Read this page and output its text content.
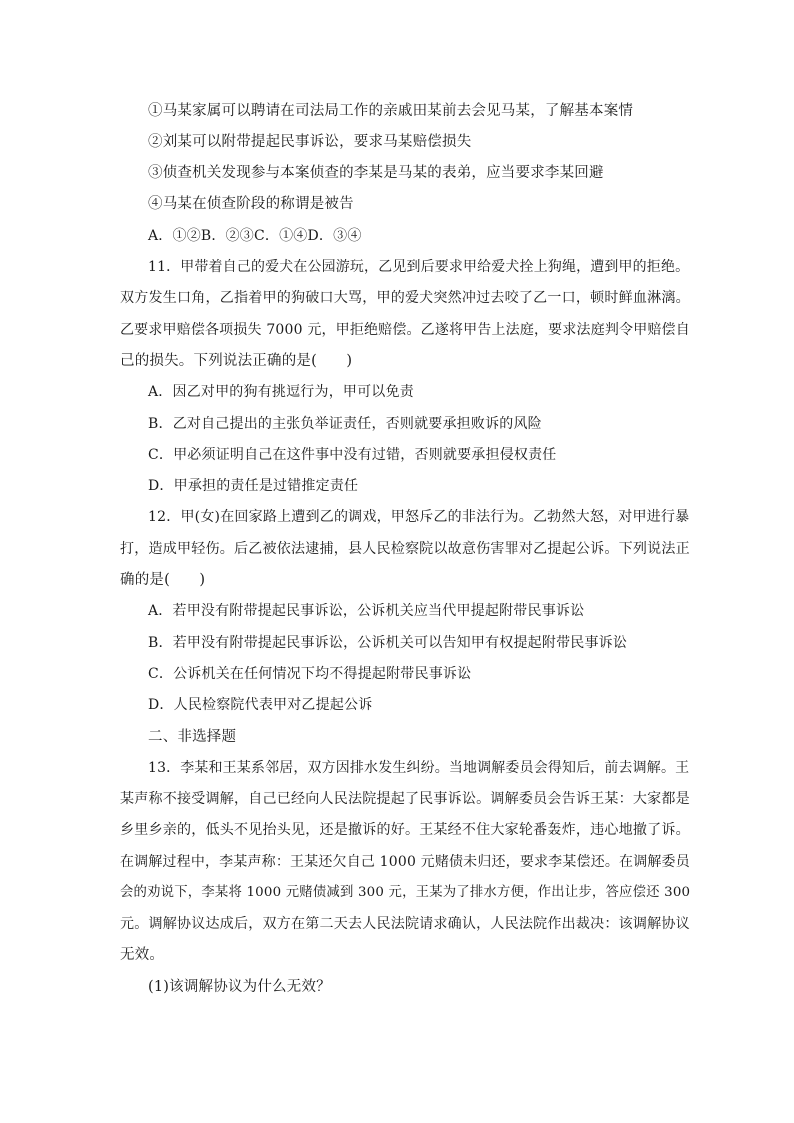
①马某家属可以聘请在司法局工作的亲戚田某前去会见马某，了解基本案情
②刘某可以附带提起民事诉讼，要求马某赔偿损失
③侦查机关发现参与本案侦查的李某是马某的表弟，应当要求李某回避
④马某在侦查阶段的称谓是被告
A．①②B．②③C．①④D．③④
11．甲带着自己的爱犬在公园游玩，乙见到后要求甲给爱犬拴上狗绳，遭到甲的拒绝。
双方发生口角，乙指着甲的狗破口大骂，甲的爱犬突然冲过去咬了乙一口，顿时鲜血淋漓。
乙要求甲赔偿各项损失 7000 元，甲拒绝赔偿。乙遂将甲告上法庭，要求法庭判令甲赔偿自
己的损失。下列说法正确的是(　　)
A．因乙对甲的狗有挑逗行为，甲可以免责
B．乙对自己提出的主张负举证责任，否则就要承担败诉的风险
C．甲必须证明自己在这件事中没有过错，否则就要承担侵权责任
D．甲承担的责任是过错推定责任
12．甲(女)在回家路上遭到乙的调戏，甲怒斥乙的非法行为。乙勃然大怒，对甲进行暴
打，造成甲轻伤。后乙被依法逮捕，县人民检察院以故意伤害罪对乙提起公诉。下列说法正
确的是(　　)
A．若甲没有附带提起民事诉讼，公诉机关应当代甲提起附带民事诉讼
B．若甲没有附带提起民事诉讼，公诉机关可以告知甲有权提起附带民事诉讼
C．公诉机关在任何情况下均不得提起附带民事诉讼
D．人民检察院代表甲对乙提起公诉
二、非选择题
13．李某和王某系邻居，双方因排水发生纠纷。当地调解委员会得知后，前去调解。王
某声称不接受调解，自己已经向人民法院提起了民事诉讼。调解委员会告诉王某：大家都是
乡里乡亲的，低头不见抬头见，还是撤诉的好。王某经不住大家轮番轰炸，违心地撤了诉。
在调解过程中，李某声称：王某还欠自己 1000 元赌债未归还，要求李某偿还。在调解委员
会的劝说下，李某将 1000 元赌债减到 300 元，王某为了排水方便，作出让步，答应偿还 300
元。调解协议达成后，双方在第二天去人民法院请求确认，人民法院作出裁决：该调解协议
无效。
(1)该调解协议为什么无效？
